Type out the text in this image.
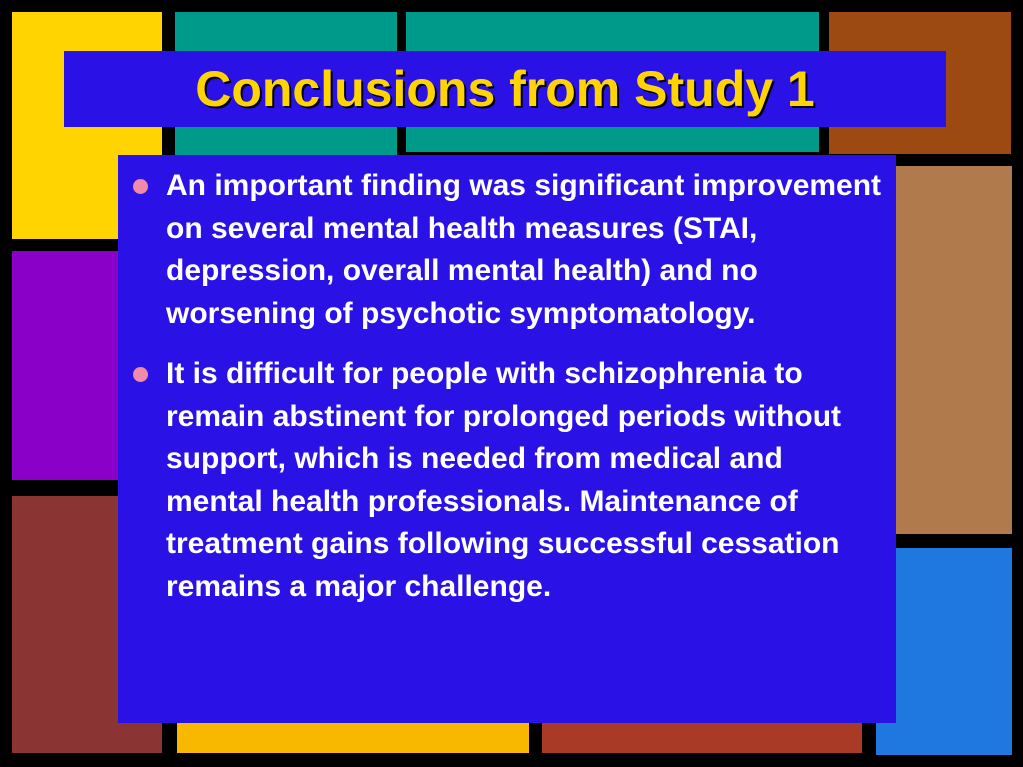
Conclusions from Study 1
An important finding was significant improvement on several mental health measures (STAI, depression, overall mental health) and no worsening of psychotic symptomatology.
It is difficult for people with schizophrenia to remain abstinent for prolonged periods without support, which is needed from medical and mental health professionals. Maintenance of treatment gains following successful cessation remains a major challenge.
